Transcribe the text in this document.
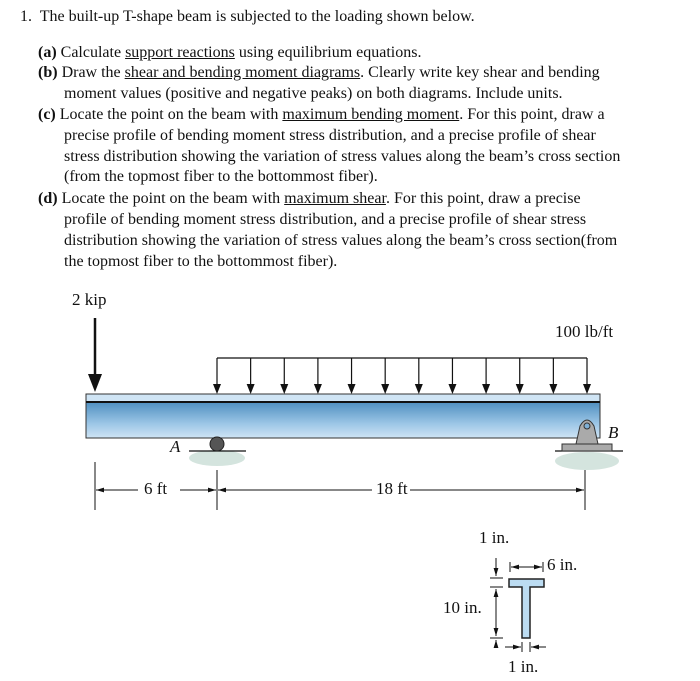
1. The built-up T-shape beam is subjected to the loading shown below.
(a) Calculate support reactions using equilibrium equations.
(b) Draw the shear and bending moment diagrams. Clearly write key shear and bending
moment values (positive and negative peaks) on both diagrams. Include units.
(c) Locate the point on the beam with maximum bending moment. For this point, draw a
precise profile of bending moment stress distribution, and a precise profile of shear
stress distribution showing the variation of stress values along the beam’s cross section
(from the topmost fiber to the bottommost fiber).
(d) Locate the point on the beam with maximum shear. For this point, draw a precise
profile of bending moment stress distribution, and a precise profile of shear stress
distribution showing the variation of stress values along the beam’s cross section(from
the topmost fiber to the bottommost fiber).
2 kip
100 lb/ft
A
B
6 ft	18 ft
1 in.
6 in.
10 in.
1 in.
